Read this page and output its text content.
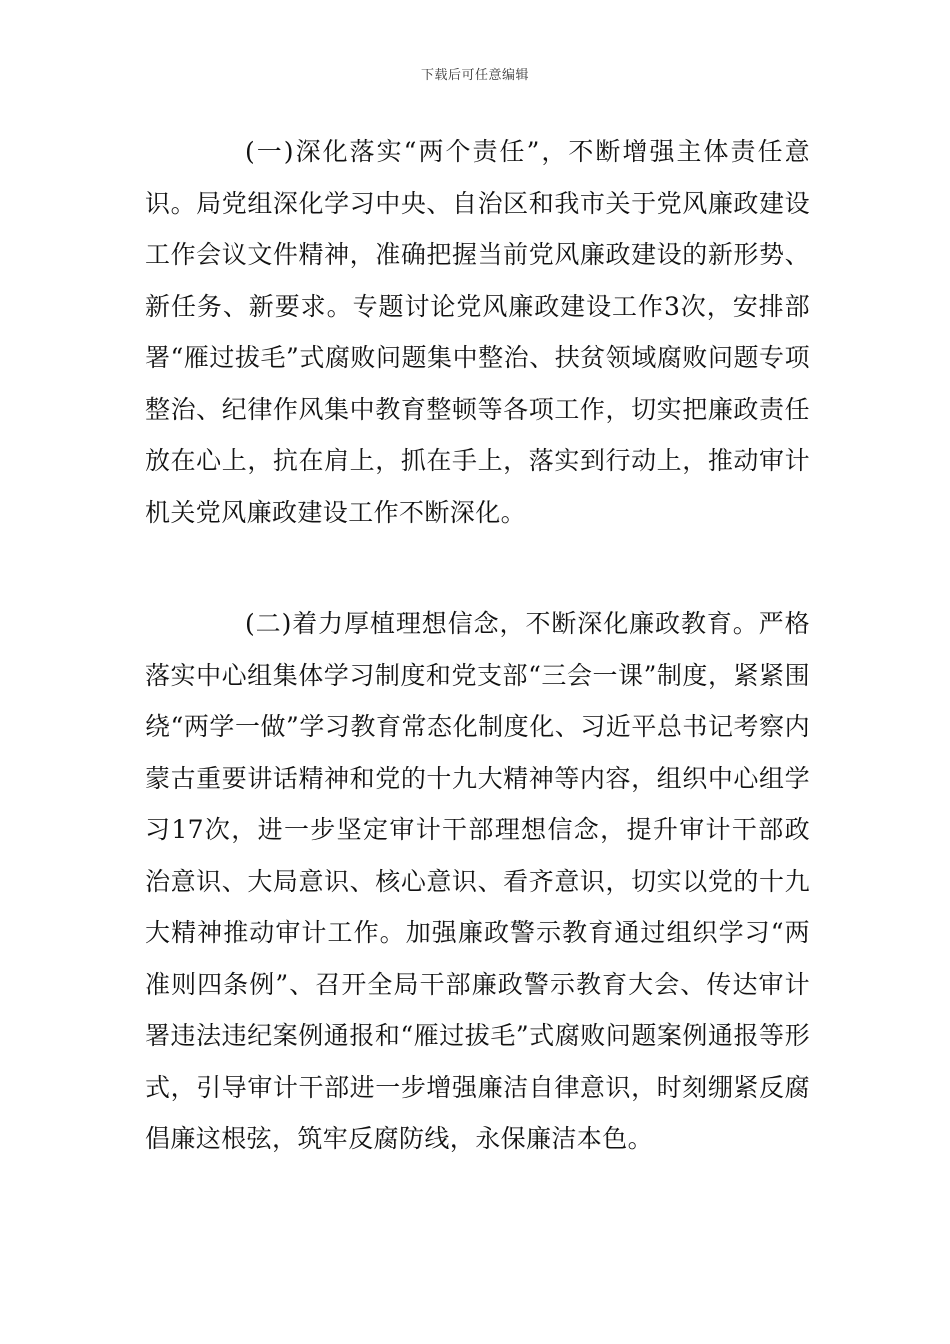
下载后可任意编辑

(一)深化落实“两个责任”，不断增强主体责任意识。局党组深化学习中央、自治区和我市关于党风廉政建设工作会议文件精神，准确把握当前党风廉政建设的新形势、新任务、新要求。专题讨论党风廉政建设工作3次，安排部署“雁过拔毛”式腐败问题集中整治、扶贫领域腐败问题专项整治、纪律作风集中教育整顿等各项工作，切实把廉政责任放在心上，抗在肩上，抓在手上，落实到行动上，推动审计机关党风廉政建设工作不断深化。

(二)着力厚植理想信念，不断深化廉政教育。严格落实中心组集体学习制度和党支部“三会一课”制度，紧紧围绕“两学一做”学习教育常态化制度化、习近平总书记考察内蒙古重要讲话精神和党的十九大精神等内容，组织中心组学习17次，进一步坚定审计干部理想信念，提升审计干部政治意识、大局意识、核心意识、看齐意识，切实以党的十九大精神推动审计工作。加强廉政警示教育通过组织学习“两准则四条例”、召开全局干部廉政警示教育大会、传达审计署违法违纪案例通报和“雁过拔毛”式腐败问题案例通报等形式，引导审计干部进一步增强廉洁自律意识，时刻绷紧反腐倡廉这根弦，筑牢反腐防线，永保廉洁本色。
